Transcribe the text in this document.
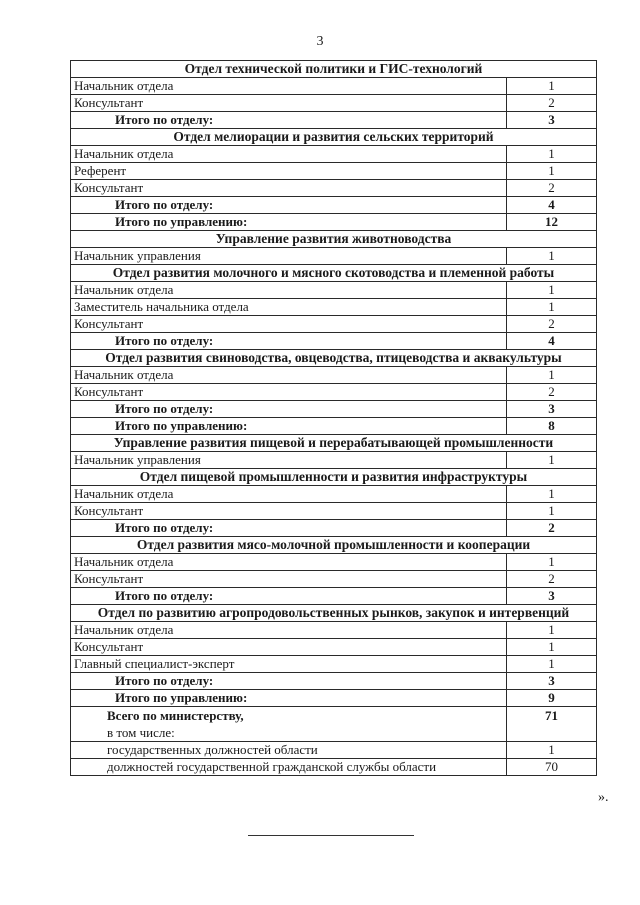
3
Отдел технической политики и ГИС-технологий	
Начальник отдела	1
Консультант	2
Итого по отделу:	3
Отдел мелиорации и развития сельских территорий	
Начальник отдела	1
Референт	1
Консультант	2
Итого по отделу:	4
Итого по управлению:	12
Управление развития животноводства	
Начальник управления	1
Отдел развития молочного и мясного скотоводства и племенной работы	
Начальник отдела	1
Заместитель начальника отдела	1
Консультант	2
Итого по отделу:	4
Отдел развития свиноводства, овцеводства, птицеводства и аквакультуры	
Начальник отдела	1
Консультант	2
Итого по отделу:	3
Итого по управлению:	8
Управление развития пищевой и перерабатывающей промышленности	
Начальник управления	1
Отдел пищевой промышленности и развития инфраструктуры	
Начальник отдела	1
Консультант	1
Итого по отделу:	2
Отдел развития мясо-молочной промышленности и кооперации	
Начальник отдела	1
Консультант	2
Итого по отделу:	3
Отдел по развитию агропродовольственных рынков, закупок и интервенций	
Начальник отдела	1
Консультант	1
Главный специалист-эксперт	1
Итого по отделу:	3
Итого по управлению:	9

Всего по министерству,
в том числе:	71
государственных должностей области	1
должностей государственной гражданской службы области	70
».
